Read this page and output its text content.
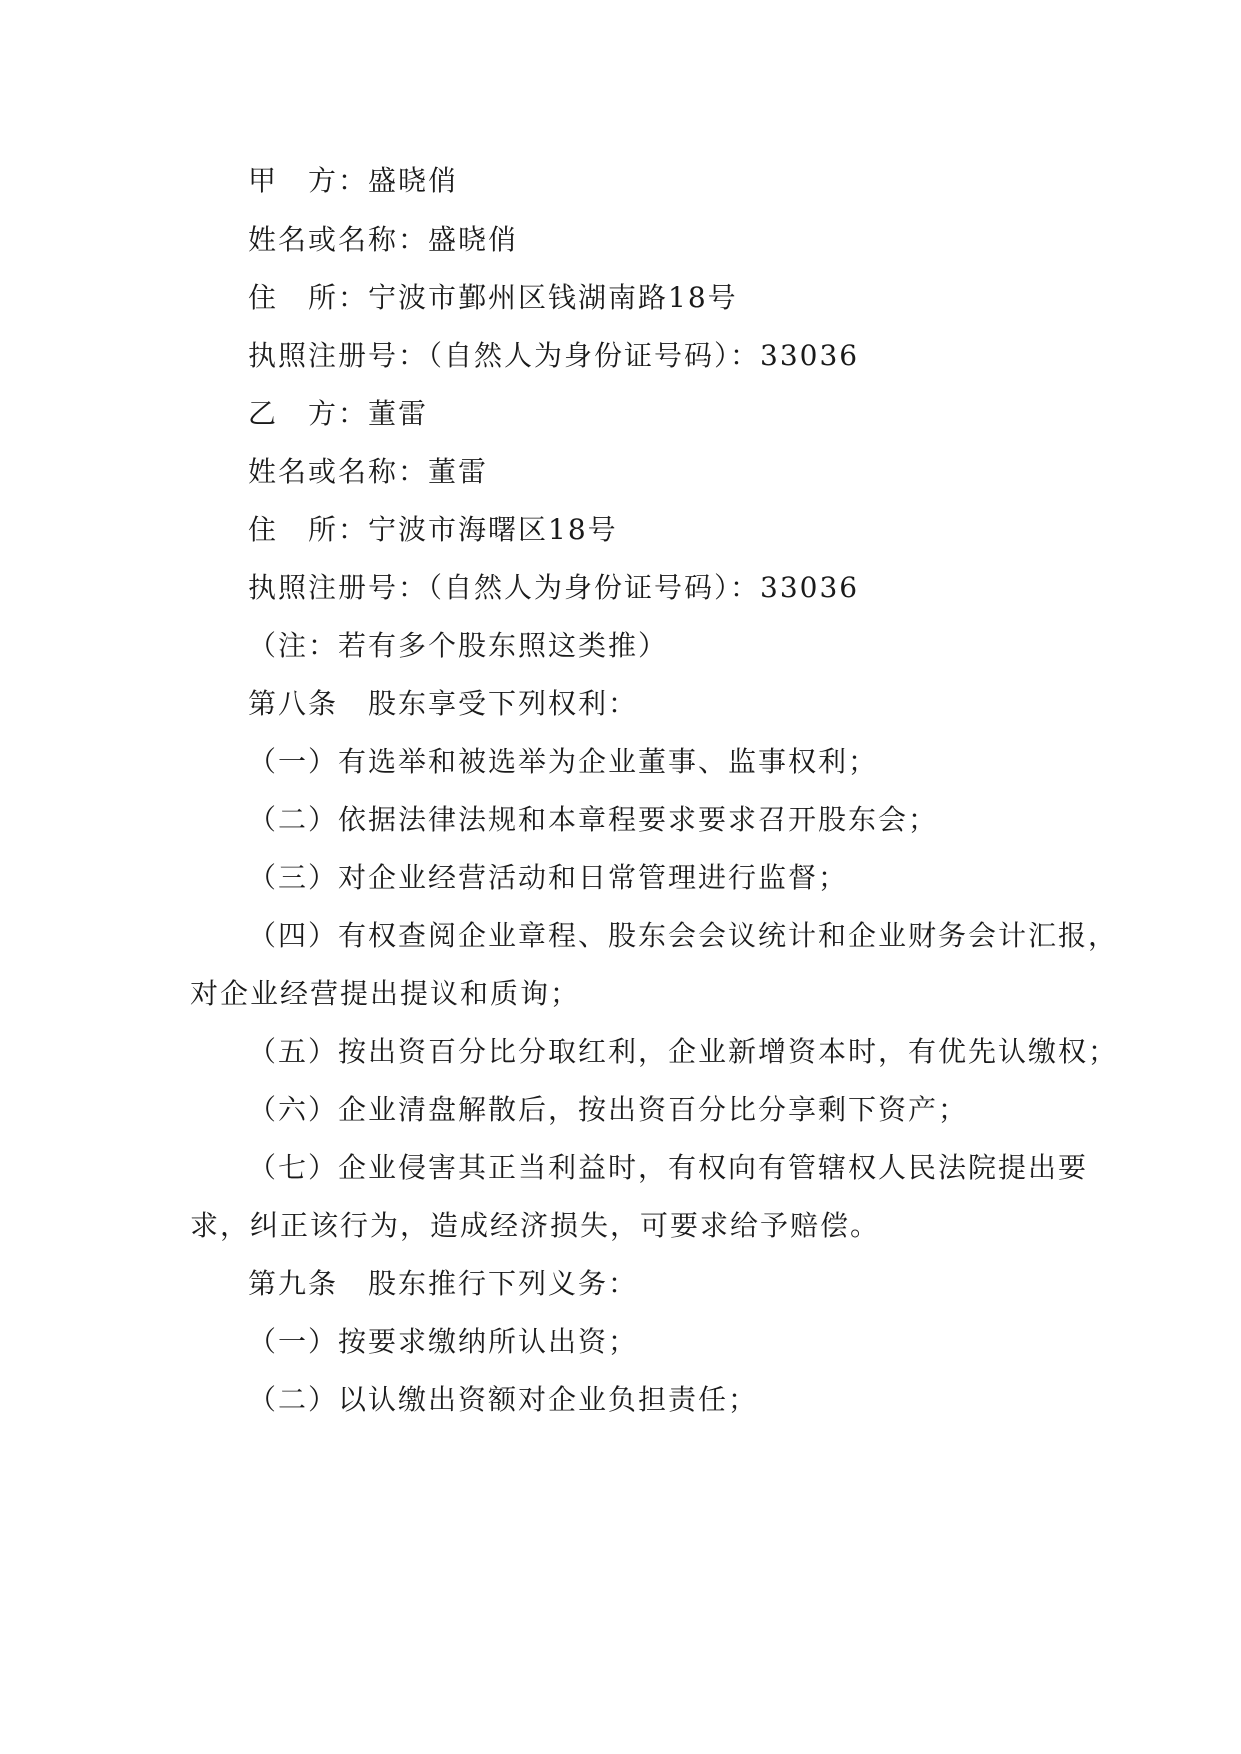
甲　方：盛晓俏

姓名或名称：盛晓俏

住　所：宁波市鄞州区钱湖南路18号

执照注册号：（自然人为身份证号码）：33036

乙　方：董雷

姓名或名称：董雷

住　所：宁波市海曙区18号

执照注册号：（自然人为身份证号码）：33036

（注：若有多个股东照这类推）

第八条　股东享受下列权利：

（一）有选举和被选举为企业董事、监事权利；

（二）依据法律法规和本章程要求要求召开股东会；

（三）对企业经营活动和日常管理进行监督；

（四）有权查阅企业章程、股东会会议统计和企业财务会计汇报，

对企业经营提出提议和质询；

（五）按出资百分比分取红利，企业新增资本时，有优先认缴权；

（六）企业清盘解散后，按出资百分比分享剩下资产；

（七）企业侵害其正当利益时，有权向有管辖权人民法院提出要

求，纠正该行为，造成经济损失，可要求给予赔偿。

第九条　股东推行下列义务：

（一）按要求缴纳所认出资；

（二）以认缴出资额对企业负担责任；
